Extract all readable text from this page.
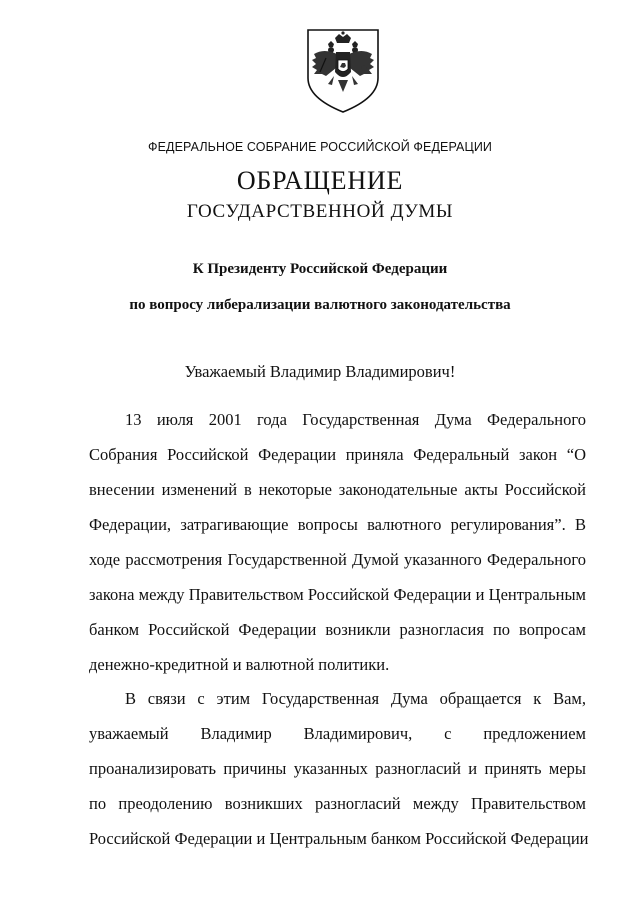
ФЕДЕРАЛЬНОЕ СОБРАНИЕ РОССИЙСКОЙ ФЕДЕРАЦИИ
ОБРАЩЕНИЕ
ГОСУДАРСТВЕННОЙ ДУМЫ
К Президенту Российской Федерации
по вопросу либерализации валютного законодательства
Уважаемый Владимир Владимирович!
13 июля 2001 года Государственная Дума Федерального
Собрания Российской Федерации приняла Федеральный закон “О
внесении изменений в некоторые законодательные акты Российской
Федерации, затрагивающие вопросы валютного регулирования”. В
ходе рассмотрения Государственной Думой указанного Федерального
закона между Правительством Российской Федерации и Центральным
банком Российской Федерации возникли разногласия по вопросам
денежно-кредитной и валютной политики.
В связи с этим Государственная Дума обращается к Вам,
уважаемый Владимир Владимирович, с предложением
проанализировать причины указанных разногласий и принять меры
по преодолению возникших разногласий между Правительством
Российской Федерации и Центральным банком Российской Федерации
